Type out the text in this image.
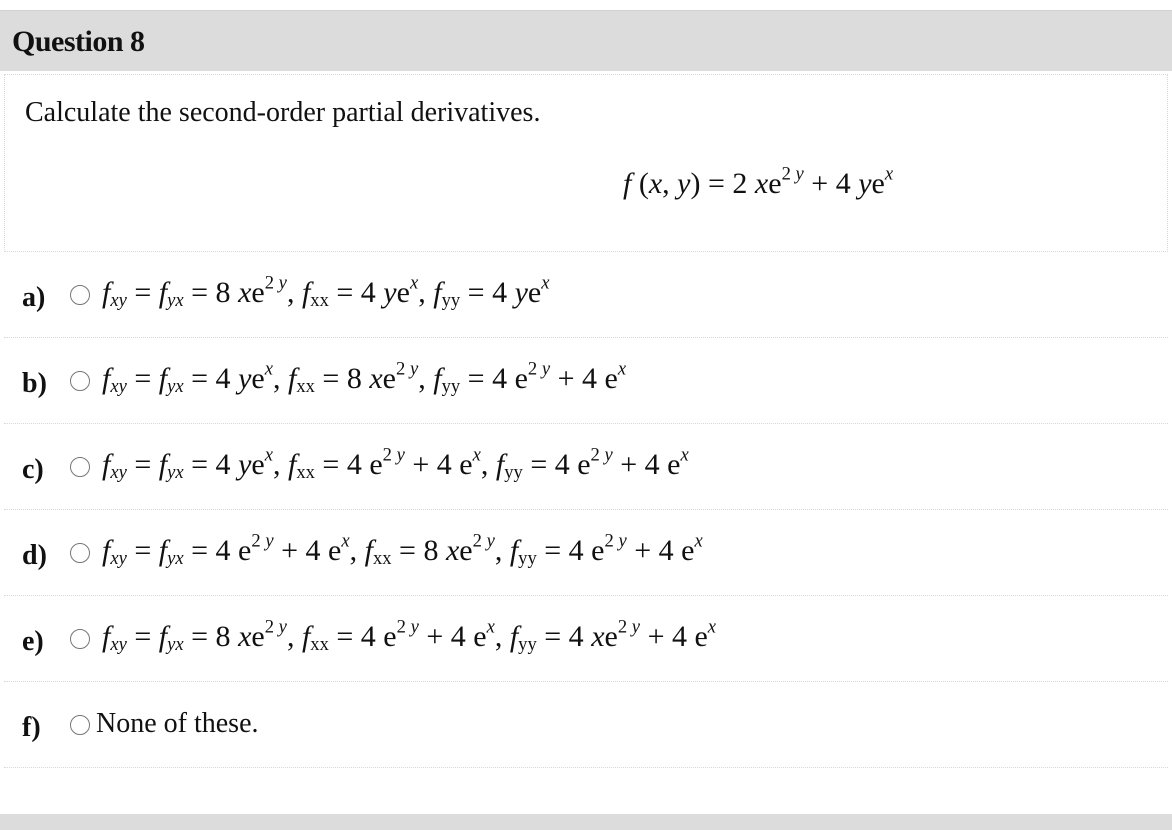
Question 8
Calculate the second-order partial derivatives.
f (x, y) = 2 $xe^{2 y} + 4$ $ye^x$
a) $f_{xy} = f_{yx} = 8$ $xe^{2 y}$, $f_{xx} = 4$ $ye^x$, $f_{yy} = 4$ $ye^x$
b) $f_{xy} = f_{yx} = 4$ $ye^x$, $f_{xx} = 8$ $xe^{2 y}$, $f_{yy} = 4$ $e^{2 y} + 4$ $e^x$
c) $f_{xy} = f_{yx} = 4$ $ye^x$, $f_{xx} = 4$ $e^{2 y} + 4$ $e^x$, $f_{yy} = 4$ $e^{2 y} + 4$ $e^x$
d) $f_{xy} = f_{yx} = 4$ $e^{2 y} + 4$ $e^x$, $f_{xx} = 8$ $xe^{2 y}$, $f_{yy} = 4$ $e^{2 y} + 4$ $e^x$
e) $f_{xy} = f_{yx} = 8$ $xe^{2 y}$, $f_{xx} = 4$ $e^{2 y} + 4$ $e^x$, $f_{yy} = 4$ $xe^{2 y} + 4$ $e^x$
f) None of these.
